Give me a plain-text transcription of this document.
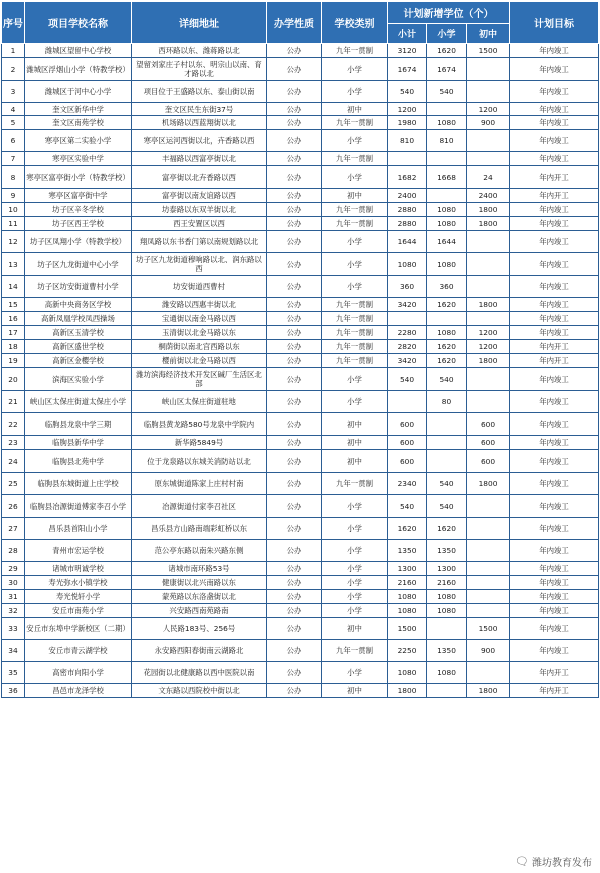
序号	项目学校名称	详细地址	办学性质	学校类别	计划新增学位（个）			计划目标
					小计	小学	初中	
1	潍城区望留中心学校	西环路以东、潍蒋路以北	公办	九年一贯制	3120	1620	1500	年内竣工
2	潍城区浮烟山小学（特教学校）	望留刘家庄子村以东、明宗山以南、育才路以北	公办	小学	1674	1674		年内竣工
3	潍城区于河中心小学	项目位于王盛路以东、泰山街以南	公办	小学	540	540		年内竣工
4	奎文区新华中学	奎文区民生东街37号	公办	初中	1200		1200	年内竣工
5	奎文区南苑学校	机场路以西蓝翔街以北	公办	九年一贯制	1980	1080	900	年内竣工
6	寒亭区第二实验小学	寒亭区运河西街以北，卉香路以西	公办	小学	810	810		年内竣工
7	寒亭区实验中学	丰福路以西富亭街以北	公办	九年一贯制				年内竣工
8	寒亭区富亭街小学（特教学校）	富亭街以北卉香路以西	公办	小学	1682	1668	24	年内开工
9	寒亭区富亭街中学	富亭街以南友谊路以西	公办	初中	2400		2400	年内开工
10	坊子区辛冬学校	坊泰路以东双羊街以北	公办	九年一贯制	2880	1080	1800	年内竣工
11	坊子区西王学校	西王安置区以西	公办	九年一贯制	2880	1080	1800	年内竣工
12	坊子区凤翔小学（特教学校）	翔凤路以东书香门第以南规划路以北	公办	小学	1644	1644		年内竣工
13	坊子区九龙街道中心小学	坊子区九龙街道穆响路以北、润东路以西	公办	小学	1080	1080		年内竣工
14	坊子区坊安街道曹村小学	坊安街道西曹村	公办	小学	360	360		年内竣工
15	高新中央商务区学校	潍安路以西惠丰街以北	公办	九年一贯制	3420	1620	1800	年内竣工
16	高新凤凰学校凤西操场	宝通街以南金马路以西	公办	九年一贯制				年内竣工
17	高新区玉清学校	玉清街以北金马路以东	公办	九年一贯制	2280	1080	1200	年内竣工
18	高新区盛世学校	桐荫街以南北宫西路以东	公办	九年一贯制	2820	1620	1200	年内开工
19	高新区金樱学校	樱前街以北金马路以西	公办	九年一贯制	3420	1620	1800	年内开工
20	滨海区实验小学	潍坊滨海经济技术开发区碱厂生活区北部	公办	小学	540	540		年内竣工
21	峡山区太保庄街道太保庄小学	峡山区太保庄街道驻地	公办	小学		80		年内竣工
22	临朐县龙泉中学三期	临朐县黄龙路580号龙泉中学院内	公办	初中	600		600	年内竣工
23	临朐县新华中学	新华路5849号	公办	初中	600		600	年内竣工
24	临朐县北苑中学	位于龙泉路以东城关消防站以北	公办	初中	600		600	年内竣工
25	临朐县东城街道上庄学校	原东城街道陈家上庄村村南	公办	九年一贯制	2340	540	1800	年内竣工
26	临朐县冶源街道傅家李召小学	冶源街道付家李召社区	公办	小学	540	540		年内竣工
27	昌乐县首阳山小学	昌乐县方山路南端彩虹桥以东	公办	小学	1620	1620		年内竣工
28	青州市宏运学校	范公亭东路以南朱兴路东侧	公办	小学	1350	1350		年内竣工
29	诸城市明诚学校	诸城市南环路53号	公办	小学	1300	1300		年内竣工
30	寿光弥水小镇学校	健康街以北兴南路以东	公办	小学	2160	2160		年内竣工
31	寿光悦轩小学	蒙苑路以东洛盏街以北	公办	小学	1080	1080		年内竣工
32	安丘市南苑小学	兴安路西南苑路南	公办	小学	1080	1080		年内竣工
33	安丘市东埠中学新校区（二期）	人民路183号、256号	公办	初中	1500		1500	年内竣工
34	安丘市青云湖学校	永安路西阳春街南云湖路北	公办	九年一贯制	2250	1350	900	年内竣工
35	高密市向阳小学	花园街以北健康路以西中医院以南	公办	小学	1080	1080		年内开工
36	昌邑市龙泽学校	文东路以西院校中街以北	公办	初中	1800		1800	年内开工
🗨 潍坊教育发布
